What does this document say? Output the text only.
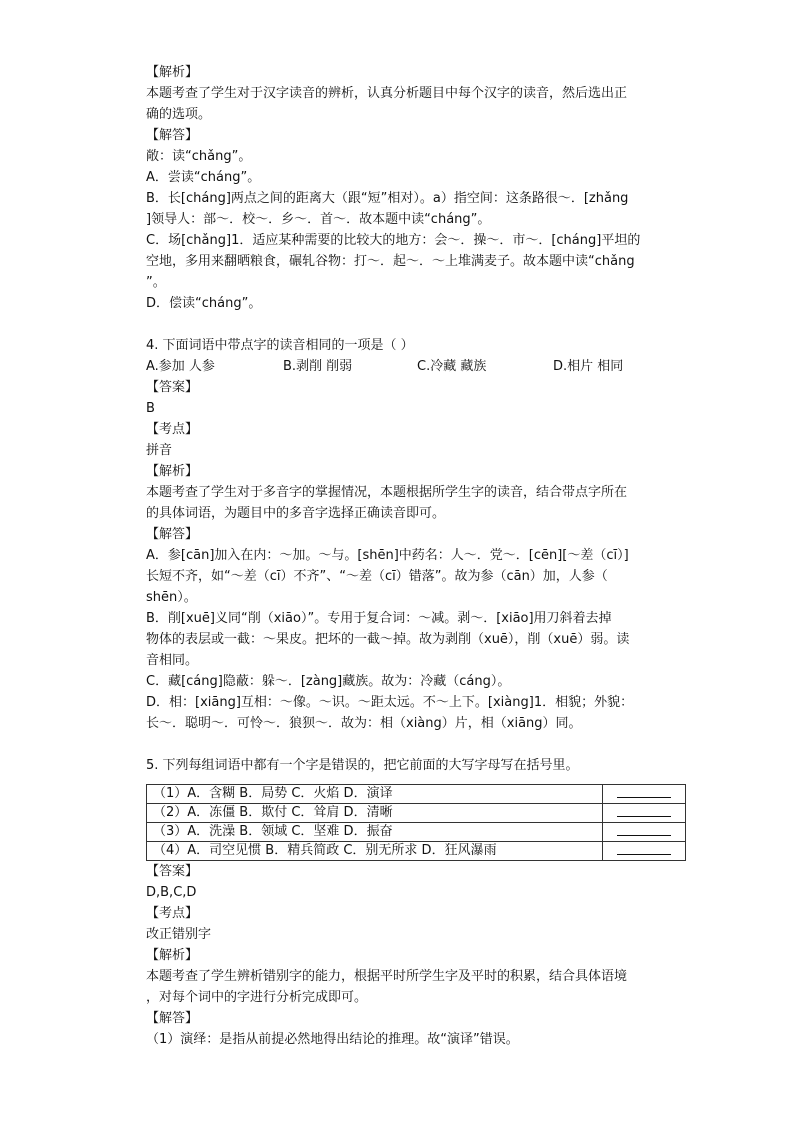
【解析】
本题考查了学生对于汉字读音的辨析，认真分析题目中每个汉字的读音，然后选出正
确的选项。
【解答】
敞：读“chǎng”。
A．尝读“cháng”。
B．长[cháng]两点之间的距离大（跟“短”相对）。a）指空间：这条路很～．[zhǎng
]领导人：部～．校～．乡～．首～．故本题中读“cháng”。
C．场[chǎng]1．适应某种需要的比较大的地方：会～．操～．市～．[cháng]平坦的
空地，多用来翻晒粮食，碾轧谷物：打～．起～．～上堆满麦子。故本题中读“chǎng
”。
D．偿读“cháng”。
4. 下面词语中带点字的读音相同的一项是（ ）
A.参加 人参	B.剥削 削弱	C.冷藏 藏族	D.相片 相同
【答案】
B
【考点】
拼音
【解析】
本题考查了学生对于多音字的掌握情况，本题根据所学生字的读音，结合带点字所在
的具体词语，为题目中的多音字选择正确读音即可。
【解答】
A．参[cān]加入在内：～加。～与。[shēn]中药名：人～．党～．[cēn][～差（cī）]
长短不齐，如“～差（cī）不齐”、“～差（cī）错落”。故为参（cān）加，人参（
shēn）。
B．削[xuē]义同“削（xiāo）”。专用于复合词：～减。剥～．[xiāo]用刀斜着去掉
物体的表层或一截：～果皮。把坏的一截～掉。故为剥削（xuē），削（xuē）弱。读
音相同。
C．藏[cáng]隐蔽：躲～．[zàng]藏族。故为：冷藏（cáng）。
D．相：[xiāng]互相：～像。～识。～距太远。不～上下。[xiàng]1．相貌；外貌：
长～．聪明～．可怜～．狼狈～．故为：相（xiàng）片，相（xiāng）同。
5. 下列每组词语中都有一个字是错误的，把它前面的大写字母写在括号里。
（1）A．含糊 B．局势 C．火焰 D．演译	
（2）A．冻僵 B．欺付 C．耸肩 D．清晰	
（3）A．洗澡 B．领域 C．坚难 D．振奋	
（4）A．司空见惯 B．精兵简政 C．别无所求 D．狂风瀑雨	
【答案】
D,B,C,D
【考点】
改正错别字
【解析】
本题考查了学生辨析错别字的能力，根据平时所学生字及平时的积累，结合具体语境
，对每个词中的字进行分析完成即可。
【解答】
（1）演绎：是指从前提必然地得出结论的推理。故“演译”错误。
